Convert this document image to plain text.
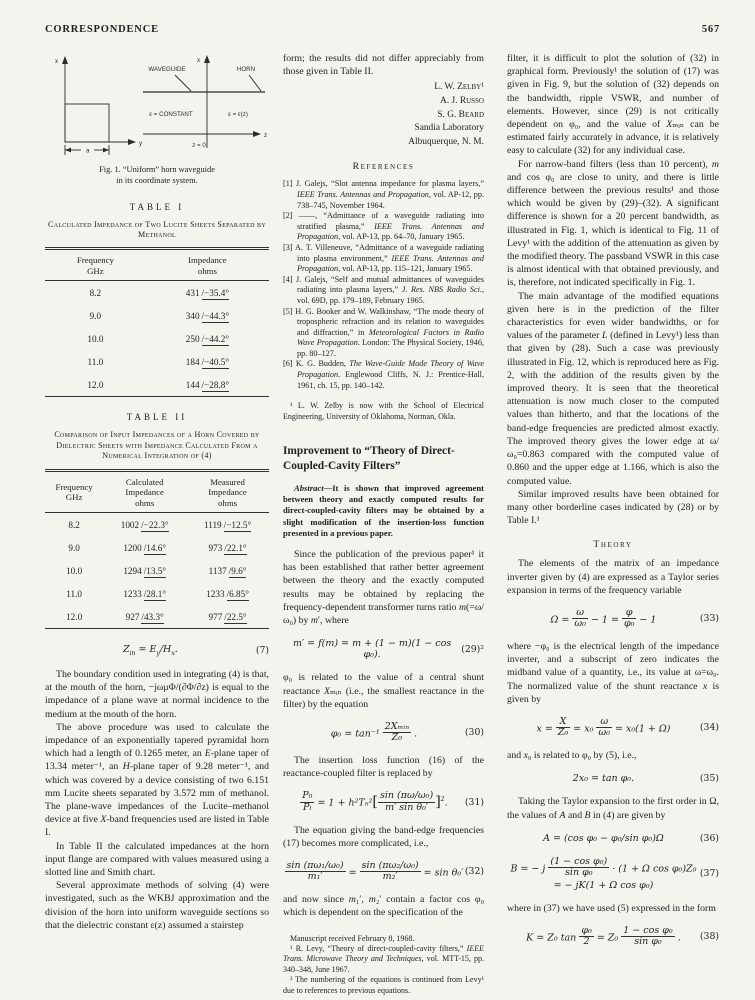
CORRESPONDENCE	567
x
y
a
x
z
WAVEGUIDE	HORN
ε = CONSTANT	ε = ε(z)
z = 0
Fig. 1. “Uniform” horn waveguide
in its coordinate system.
TABLE I
Calculated Impedance of Two Lucite Sheets Separated by Methanol
Frequency
GHz	Impedance
ohms
8.2	431 /−35.4°
9.0	340 /−44.3°
10.0	250 /−44.2°
11.0	184 /−40.5°
12.0	144 /−28.8°
TABLE II
Comparison of Input Impedances of a Horn Covered by Dielectric Sheets with Impedance Calculated From a Numerical Integration of (4)
Frequency
GHz	Calculated
Impedance
ohms	Measured
Impedance
ohms
8.2	1002 /−22.3°	1119 /−12.5°
9.0	1200 /14.6°	973 /22.1°
10.0	1294 /13.5°	1137 /9.6°
11.0	1233 /28.1°	1233 /6.85°
12.0	927 /43.3°	977 /22.5°
$Z_{in} = E_y/H_x$.	(7)

The boundary condition used in integrating (4) is that, at the mouth of the horn, −jωμΦ/(∂Φ/∂z) is equal to the impedance of a plane wave at normal incidence to the medium at the mouth of the horn.

The above procedure was used to calculate the impedance of an exponentially tapered pyramidal horn which had a length of 0.1265 meter, an E-plane taper of 13.34 meter⁻¹, an H-plane taper of 9.28 meter⁻¹, and which was covered by a device consisting of two 6.151 mm Lucite sheets separated by 3.572 mm of methanol. The plane-wave impedances of the Lucite–methanol device at five X-band frequencies used are listed in Table I.

In Table II the calculated impedances at the horn input flange are compared with values measured using a slotted line and Smith chart.

Several approximate methods of solving (4) were investigated, such as the WKBJ approximation and the division of the horn into uniform waveguide sections so that the dielectric constant ε(z) assumed a stairstep

form; the results did not differ appreciably from those given in Table II.

L. W. Zelby¹
A. J. Russo
S. G. Beard
Sandia Laboratory
Albuquerque, N. M.
References

[1] J. Galejs, “Slot antenna impedance for plasma layers,” IEEE Trans. Antennas and Propagation, vol. AP-12, pp. 738–745, November 1964.

[2] ——, “Admittance of a waveguide radiating into stratified plasma,” IEEE Trans. Antennas and Propagation, vol. AP-13, pp. 64–70, January 1965.

[3] A. T. Villeneuve, “Admittance of a waveguide radiating into plasma environment,” IEEE Trans. Antennas and Propagation, vol. AP-13, pp. 115–121, January 1965.

[4] J. Galejs, “Self and mutual admittances of waveguides radiating into plasma layers,” J. Res. NBS Radio Sci., vol. 69D, pp. 179–189, February 1965.

[5] H. G. Booker and W. Walkinshaw, “The mode theory of tropospheric refraction and its relation to waveguides and diffraction,” in Meteorological Factors in Radio Wave Propagation. London: The Physical Society, 1946, pp. 80–127.

[6] K. G. Budden, The Wave-Guide Mode Theory of Wave Propagation. Englewood Cliffs, N. J.: Prentice-Hall, 1961, ch. 15, pp. 140–142.

¹ L. W. Zelby is now with the School of Electrical Engineering, University of Oklahoma, Norman, Okla.

Improvement to “Theory of Direct-Coupled-Cavity Filters”

Abstract—It is shown that improved agreement between theory and exactly computed results for direct-coupled-cavity filters may be obtained by a slight modification of the insertion-loss function presented in a previous paper.

Since the publication of the previous paper¹ it has been established that rather better agreement between the theory and the exactly computed results may be obtained by replacing the frequency-dependent transformer turns ratio m(=ω/ω₀) by m′, where

m′ = f(m) = m + (1 − m)(1 − cos φ₀).	(29)²

φ₀ is related to the value of a central shunt reactance Xₘᵢₙ (i.e., the smallest reactance in the filter) by the equation

$\varphi_0 = \tan^{-1} \frac{\text{2Xₘᵢₙ}}{\text{Z₀}}$ .	(30)

The insertion loss function (16) of the reactance-coupled filter is replaced by

$\frac{\text{P₀}}{\text{Pₗ}} = 1 + h^2T_n^2[ \frac{\text{sin (πω/ω₀)}}{\text{m′ sin θ₀′}} ]^2$.	(31)

The equation giving the band-edge frequencies (17) becomes more complicated, i.e.,

$\frac{\text{sin (πω₁/ω₀)}}{\text{m₁′}} = \frac{\text{sin (πω₂/ω₀)}}{\text{m₂′}} = \sin \theta_0'$ (32)

and now since m₁′, m₂′ contain a factor cos φ₀ which is dependent on the specification of the

Manuscript received February 8, 1968.

¹ R. Levy, “Theory of direct-coupled-cavity filters,” IEEE Trans. Microwave Theory and Techniques, vol. MTT-15, pp. 340–348, June 1967.

² The numbering of the equations is continued from Levy¹ due to references to previous equations.

filter, it is difficult to plot the solution of (32) in graphical form. Previously¹ the solution of (17) was given in Fig. 9, but the solution of (32) depends on the bandwidth, ripple VSWR, and number of elements. However, since (29) is not critically dependent on φ₀, and the value of Xₘᵢₙ can be estimated fairly accurately in advance, it is relatively easy to calculate (32) for any individual case.

For narrow-band filters (less than 10 percent), m and cos φ₀ are close to unity, and there is little difference between the previous results¹ and those which would be given by (29)–(32). A significant difference is shown for a 20 percent bandwidth, as illustrated in Fig. 1, which is identical to Fig. 11 of Levy¹ with the addition of the attenuation as given by the modified theory. The passband VSWR in this case is almost identical with that obtained previously, and is, therefore, not indicated specifically in Fig. 1.

The main advantage of the modified equations given here is in the prediction of the filter characteristics for even wider bandwidths, or for values of the parameter L (defined in Levy¹) less than that given by (28). Such a case was previously illustrated in Fig. 12, which is reproduced here as Fig. 2, with the addition of the results given by the improved theory. It is seen that the theoretical attenuation is now much closer to the computed values than hitherto, and that the locations of the band-edge frequencies are predicted almost exactly. The improved theory gives the lower edge at ω/ω₀=0.863 compared with the computed value of 0.860 and the upper edge at 1.166, which is also the computed value.

Similar improved results have been obtained for many other borderline cases indicated by (28) or by Table I.¹

Theory

The elements of the matrix of an impedance inverter given by (4) are expressed as a Taylor series expansion in terms of the frequency variable

$\Omega = \frac{\omega}{\text{ω₀}} - 1 = \frac{\varphi}{\text{φ₀}} - 1$	(33)

where −φ₀ is the electrical length of the impedance inverter, and a subscript of zero indicates the midband value of a quantity, i.e., its value at ω=ω₀. The normalized value of the shunt reactance x is given by

$x = \frac{X}{\text{Z₀}} = x_0 \frac{\omega}{\text{ω₀}} = x_0(1 + \Omega)$	(34)

and x₀ is related to φ₀ by (5), i.e.,

2x₀ = tan φ₀.	(35)

Taking the Taylor expansion to the first order in Ω, the values of A and B in (4) are given by

A = (cos φ₀ − φ₀/sin φ₀)Ω	(36)
B = − j $\frac{\text{(1 − cos φ₀)}}{\text{sin φ₀}} \cdot (1 + \Omega$ cos φ₀)Z₀
= − jK(1 + Ω cos φ₀)
(37)

where in (37) we have used (5) expressed in the form

K = Z₀ $\tan \frac{\text{φ₀}}{2} = Z_0 \frac{\text{1 − cos φ₀}}{\text{sin φ₀}}$ .	(38)
